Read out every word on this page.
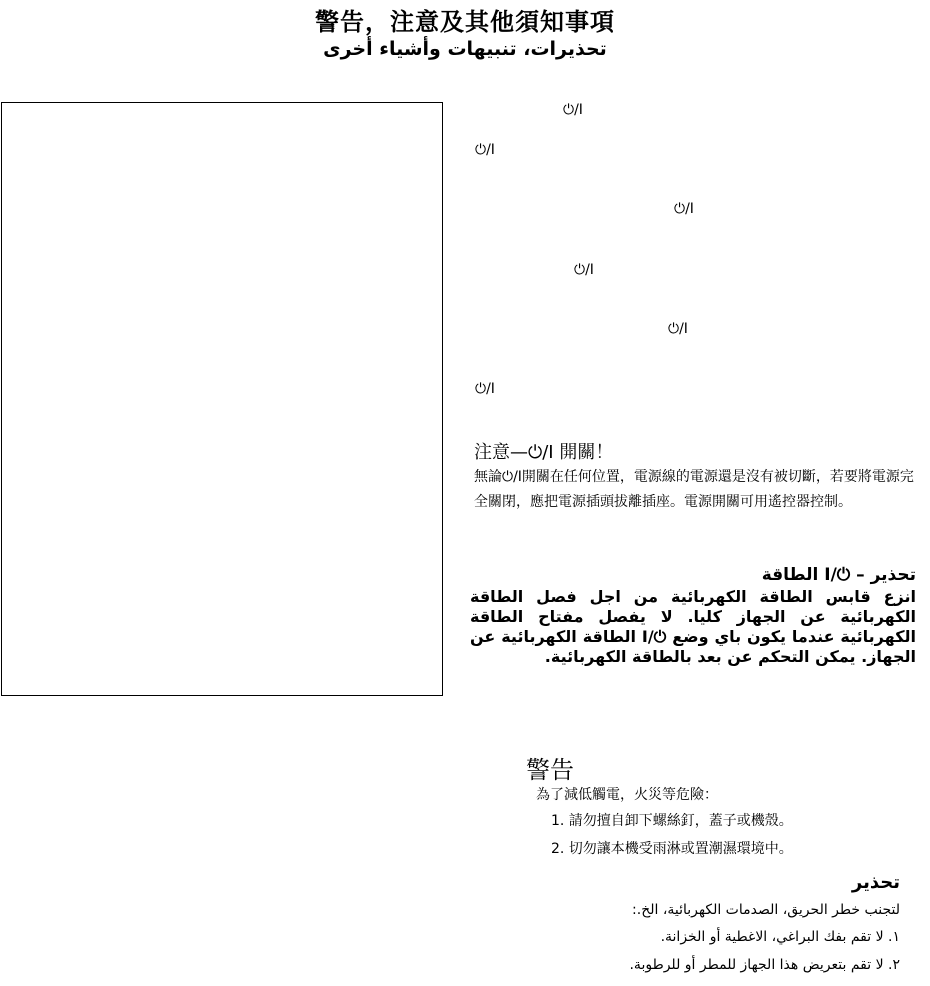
警告，注意及其他須知事項
تحذيرات، تنبيهات وأشياء أخرى
⏻/I
⏻/I
⏻/I
⏻/I
⏻/I
⏻/I
注意—⏻/I 開關！
無論⏻/I開關在任何位置，電源線的電源還是沒有被切斷，若要將電源完全關閉，應把電源插頭拔離插座。電源開關可用遙控器控制。
تحذير – ⏻/I الطاقة
انزع قابس الطاقة الكهربائية من اجل فصل الطاقة الكهربائية عن الجهاز كليا. لا يفصل مفتاح الطاقة الكهربائية عندما يكون باي وضع ⏻/I الطاقة الكهربائية عن الجهاز. يمكن التحكم عن بعد بالطاقة الكهربائية.
警告
為了減低觸電，火災等危險：
1. 請勿擅自卸下螺絲釘，蓋子或機殼。
2. 切勿讓本機受雨淋或置潮濕環境中。
تحذير
لتجنب خطر الحريق، الصدمات الكهربائية، الخ.:
١. لا تقم بفك البراغي، الاغطية أو الخزانة.
٢. لا تقم بتعريض هذا الجهاز للمطر أو للرطوبة.
